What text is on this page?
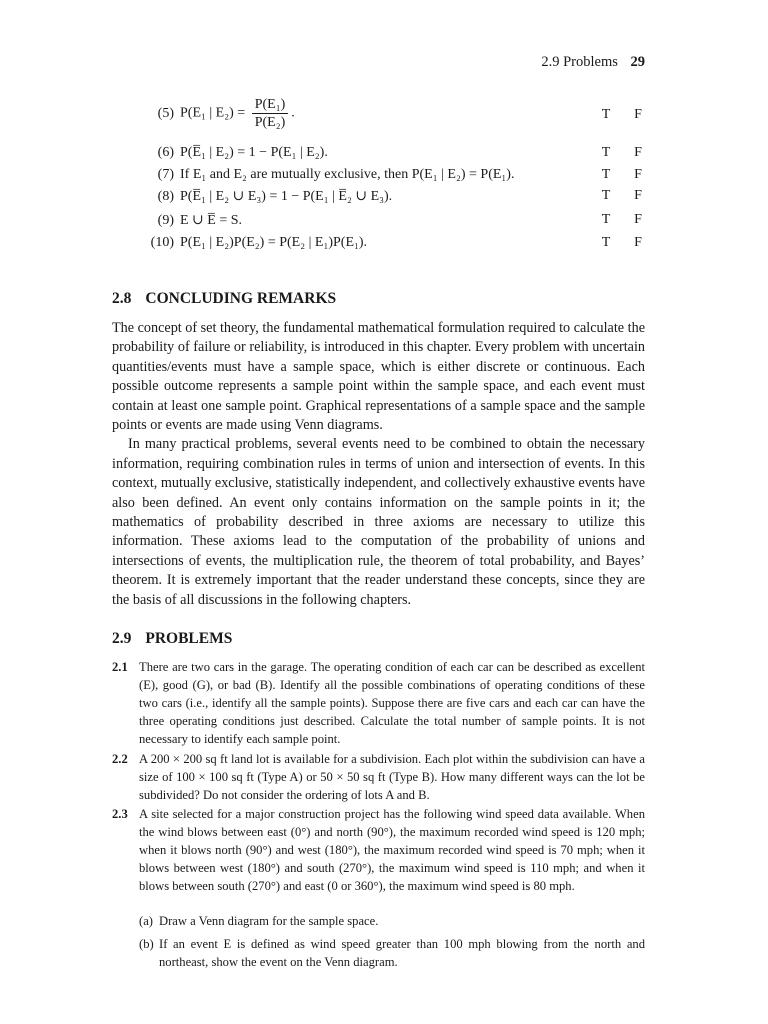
2.9 Problems 29
(5) P(E₁ | $E_2) = \frac{\text{P(E₁)}}{\text{P(E₂)}}$ .	T F
(6) P(E̅₁ | E₂) = 1 − P(E₁ | E₂).	T F
(7) If E₁ and E₂ are mutually exclusive, then P(E₁ | E₂) = P(E₁).	T F
(8) P(E̅₁ | E₂ ∪ E₃) = 1 − P(E₁ | E̅₂ ∪ E₃).	T F
(9) E ∪ E̅ = S.	T F
(10) P(E₁ | E₂)P(E₂) = P(E₂ | E₁)P(E₁).	T F
2.8 CONCLUDING REMARKS

The concept of set theory, the fundamental mathematical formulation required to calculate the probability of failure or reliability, is introduced in this chapter. Every problem with uncertain quantities/events must have a sample space, which is either discrete or continuous. Each possible outcome represents a sample point within the sample space, and each event must contain at least one sample point. Graphical representations of a sample space and the sample points or events are made using Venn diagrams.

In many practical problems, several events need to be combined to obtain the necessary information, requiring combination rules in terms of union and intersection of events. In this context, mutually exclusive, statistically independent, and collectively exhaustive events have also been defined. An event only contains information on the sample points in it; the mathematics of probability described in three axioms are necessary to utilize this information. These axioms lead to the computation of the probability of unions and intersections of events, the multiplication rule, the theorem of total probability, and Bayes’ theorem. It is extremely important that the reader understand these concepts, since they are the basis of all discussions in the following chapters.

2.9 PROBLEMS
2.1 There are two cars in the garage. The operating condition of each car can be described as excellent (E), good (G), or bad (B). Identify all the possible combinations of operating conditions of these two cars (i.e., identify all the sample points). Suppose there are five cars and each car can have the three operating conditions just described. Calculate the total number of sample points. It is not necessary to identify each sample point.
2.2 A 200 × 200 sq ft land lot is available for a subdivision. Each plot within the subdivision can have a size of 100 × 100 sq ft (Type A) or 50 × 50 sq ft (Type B). How many different ways can the lot be subdivided? Do not consider the ordering of lots A and B.
2.3 A site selected for a major construction project has the following wind speed data available. When the wind blows between east (0°) and north (90°), the maximum recorded wind speed is 120 mph; when it blows north (90°) and west (180°), the maximum recorded wind speed is 70 mph; when it blows between west (180°) and south (270°), the maximum wind speed is 110 mph; and when it blows between south (270°) and east (0 or 360°), the maximum wind speed is 80 mph.
(a) Draw a Venn diagram for the sample space.
(b) If an event E is defined as wind speed greater than 100 mph blowing from the north and northeast, show the event on the Venn diagram.
